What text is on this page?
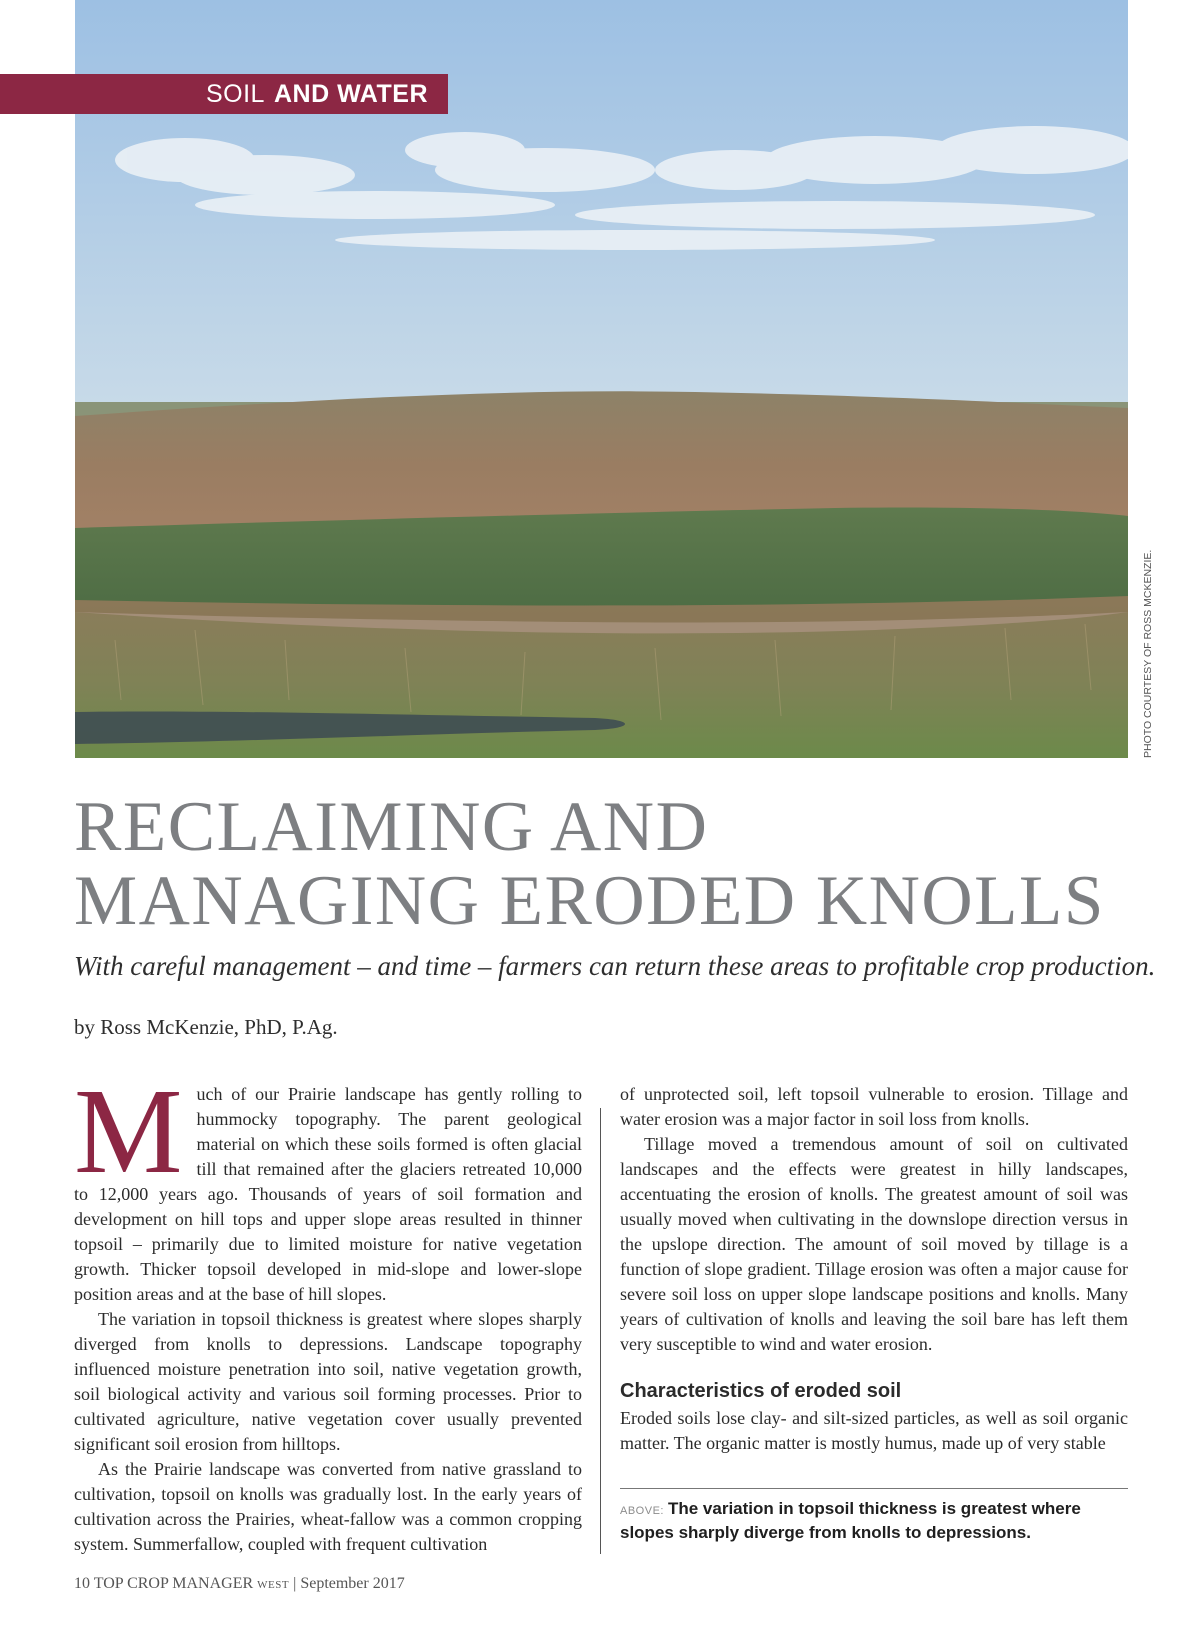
SOIL AND WATER
PHOTO COURTESY OF ROSS MCKENZIE.
RECLAIMING AND
MANAGING ERODED KNOLLS

With careful management – and time – farmers can return these areas to profitable crop production.

by Ross McKenzie, PhD, P.Ag.

Much of our Prairie landscape has gently rolling to hummocky topography. The parent geological material on which these soils formed is often glacial till that remained after the glaciers retreated 10,000 to 12,000 years ago. Thousands of years of soil formation and development on hill tops and upper slope areas resulted in thinner topsoil – primarily due to limited moisture for native vegetation growth. Thicker topsoil developed in mid-slope and lower-slope position areas and at the base of hill slopes.

The variation in topsoil thickness is greatest where slopes sharply diverged from knolls to depressions. Landscape topography influenced moisture penetration into soil, native vegetation growth, soil biological activity and various soil forming processes. Prior to cultivated agriculture, native vegetation cover usually prevented significant soil erosion from hilltops.

As the Prairie landscape was converted from native grassland to cultivation, topsoil on knolls was gradually lost. In the early years of cultivation across the Prairies, wheat-fallow was a common cropping system. Summerfallow, coupled with frequent cultivation

of unprotected soil, left topsoil vulnerable to erosion. Tillage and water erosion was a major factor in soil loss from knolls.

Tillage moved a tremendous amount of soil on cultivated landscapes and the effects were greatest in hilly landscapes, accentuating the erosion of knolls. The greatest amount of soil was usually moved when cultivating in the downslope direction versus in the upslope direction. The amount of soil moved by tillage is a function of slope gradient. Tillage erosion was often a major cause for severe soil loss on upper slope landscape positions and knolls. Many years of cultivation of knolls and leaving the soil bare has left them very susceptible to wind and water erosion.

Characteristics of eroded soil

Eroded soils lose clay- and silt-sized particles, as well as soil organic matter. The organic matter is mostly humus, made up of very stable

ABOVE: The variation in topsoil thickness is greatest where slopes sharply diverge from knolls to depressions.

10 TOP CROP MANAGER WEST | September 2017
